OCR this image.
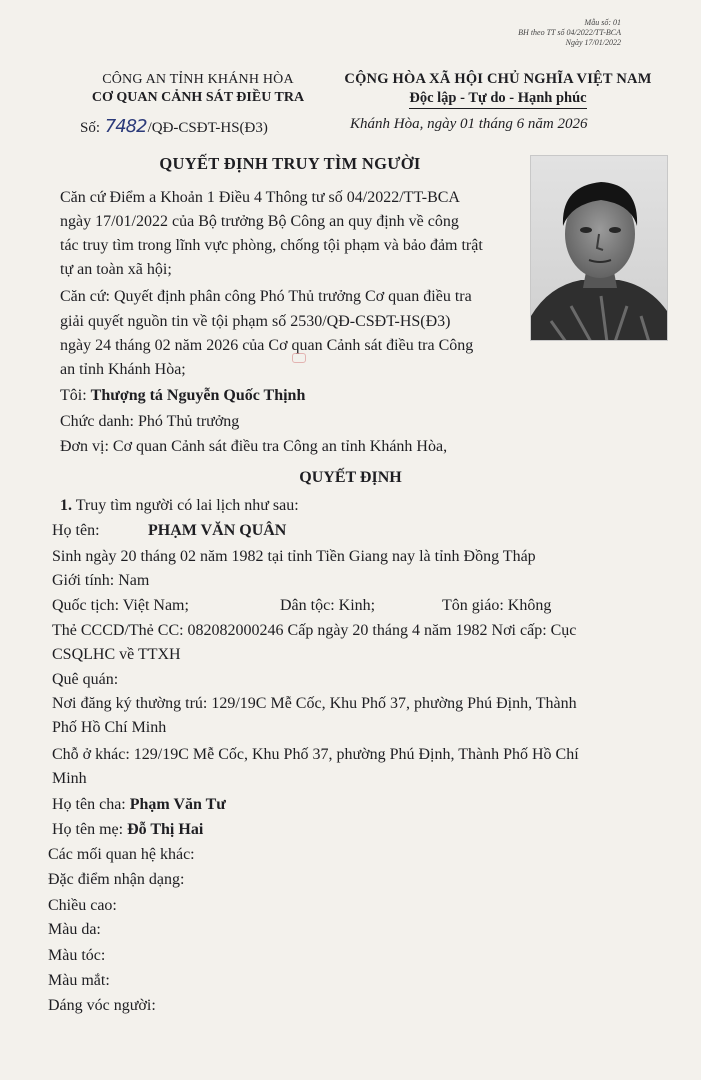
Mẫu số: 01
BH theo TT số 04/2022/TT-BCA
Ngày 17/01/2022
CÔNG AN TỈNH KHÁNH HÒA
CƠ QUAN CẢNH SÁT ĐIỀU TRA
CỘNG HÒA XÃ HỘI CHỦ NGHĨA VIỆT NAM
Độc lập - Tự do - Hạnh phúc
Số: 7482/QĐ-CSĐT-HS(Đ3)	Khánh Hòa, ngày 01 tháng 6 năm 2026
QUYẾT ĐỊNH TRUY TÌM NGƯỜI
Căn cứ Điểm a Khoản 1 Điều 4 Thông tư số 04/2022/TT-BCA
ngày 17/01/2022 của Bộ trưởng Bộ Công an quy định về công
tác truy tìm trong lĩnh vực phòng, chống tội phạm và bảo đảm trật
tự an toàn xã hội;
Căn cứ: Quyết định phân công Phó Thủ trưởng Cơ quan điều tra
giải quyết nguồn tin về tội phạm số 2530/QĐ-CSĐT-HS(Đ3)
ngày 24 tháng 02 năm 2026 của Cơ quan Cảnh sát điều tra Công
an tỉnh Khánh Hòa;
Tôi: Thượng tá Nguyễn Quốc Thịnh
Chức danh: Phó Thủ trưởng
Đơn vị: Cơ quan Cảnh sát điều tra Công an tỉnh Khánh Hòa,
QUYẾT ĐỊNH
1. Truy tìm người có lai lịch như sau:
Họ tên:	PHẠM VĂN QUÂN
Sinh ngày 20 tháng 02 năm 1982 tại tỉnh Tiền Giang nay là tỉnh Đồng Tháp
Giới tính: Nam
Quốc tịch: Việt Nam;	Dân tộc: Kinh;	Tôn giáo: Không
Thẻ CCCD/Thẻ CC: 082082000246 Cấp ngày 20 tháng 4 năm 1982 Nơi cấp: Cục
CSQLHC về TTXH
Quê quán:
Nơi đăng ký thường trú: 129/19C Mễ Cốc, Khu Phố 37, phường Phú Định, Thành
Phố Hồ Chí Minh
Chỗ ở khác: 129/19C Mễ Cốc, Khu Phố 37, phường Phú Định, Thành Phố Hồ Chí
Minh
Họ tên cha: Phạm Văn Tư
Họ tên mẹ: Đỗ Thị Hai
Các mối quan hệ khác:
Đặc điểm nhận dạng:
Chiều cao:
Màu da:
Màu tóc:
Màu mắt:
Dáng vóc người:
